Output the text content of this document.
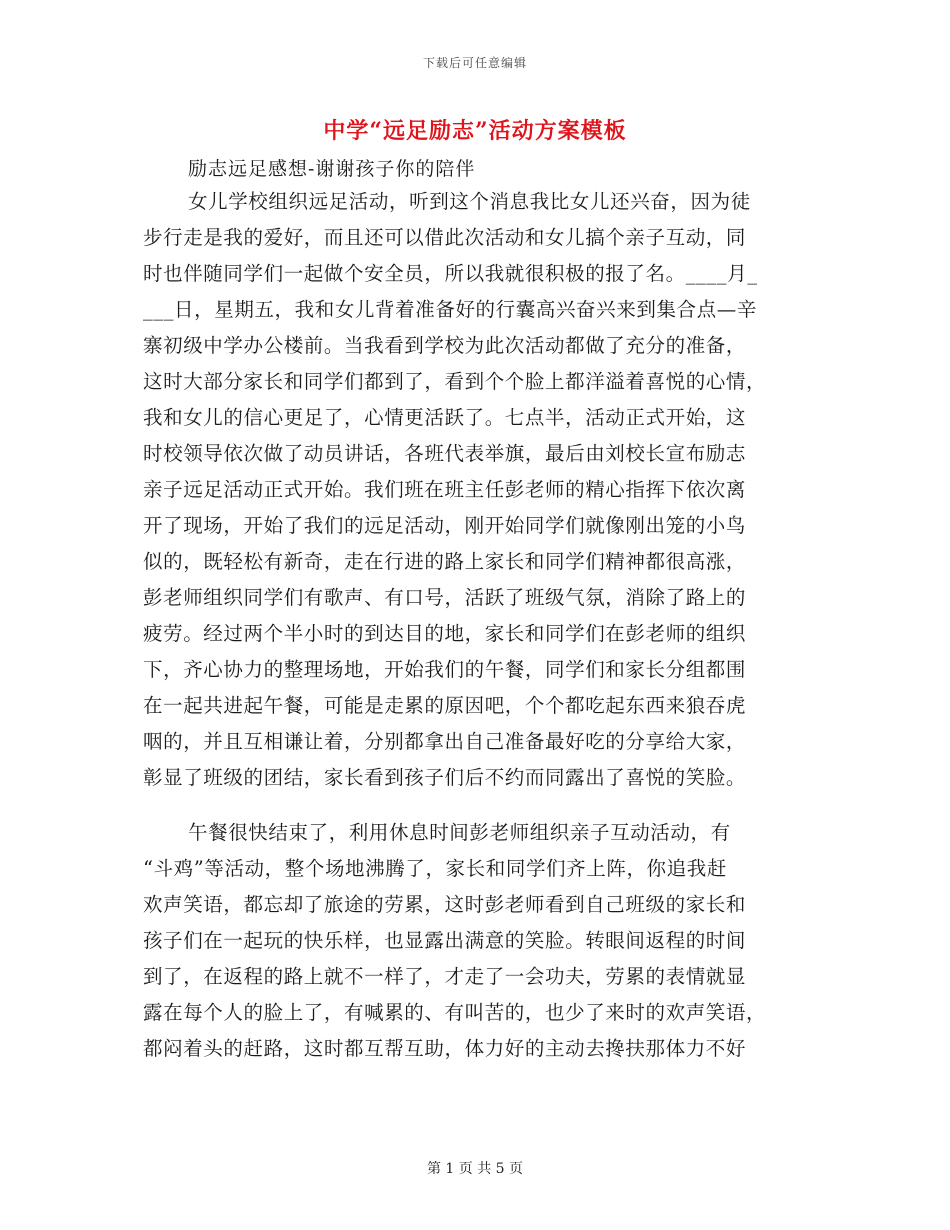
下载后可任意编辑
中学“远足励志”活动方案模板
励志远足感想-谢谢孩子你的陪伴
女儿学校组织远足活动，听到这个消息我比女儿还兴奋，因为徒
步行走是我的爱好，而且还可以借此次活动和女儿搞个亲子互动，同
时也伴随同学们一起做个安全员，所以我就很积极的报了名。____月_
___日，星期五，我和女儿背着准备好的行囊高兴奋兴来到集合点—辛
寨初级中学办公楼前。当我看到学校为此次活动都做了充分的准备，
这时大部分家长和同学们都到了，看到个个脸上都洋溢着喜悦的心情，
我和女儿的信心更足了，心情更活跃了。七点半，活动正式开始，这
时校领导依次做了动员讲话，各班代表举旗，最后由刘校长宣布励志
亲子远足活动正式开始。我们班在班主任彭老师的精心指挥下依次离
开了现场，开始了我们的远足活动，刚开始同学们就像刚出笼的小鸟
似的，既轻松有新奇，走在行进的路上家长和同学们精神都很高涨，
彭老师组织同学们有歌声、有口号，活跃了班级气氛，消除了路上的
疲劳。经过两个半小时的到达目的地，家长和同学们在彭老师的组织
下，齐心协力的整理场地，开始我们的午餐，同学们和家长分组都围
在一起共进起午餐，可能是走累的原因吧，个个都吃起东西来狼吞虎
咽的，并且互相谦让着，分别都拿出自己准备最好吃的分享给大家，
彰显了班级的团结，家长看到孩子们后不约而同露出了喜悦的笑脸。
午餐很快结束了，利用休息时间彭老师组织亲子互动活动，有
“斗鸡”等活动，整个场地沸腾了，家长和同学们齐上阵，你追我赶
欢声笑语，都忘却了旅途的劳累，这时彭老师看到自己班级的家长和
孩子们在一起玩的快乐样，也显露出满意的笑脸。转眼间返程的时间
到了，在返程的路上就不一样了，才走了一会功夫，劳累的表情就显
露在每个人的脸上了，有喊累的、有叫苦的，也少了来时的欢声笑语，
都闷着头的赶路，这时都互帮互助，体力好的主动去搀扶那体力不好
第 1 页 共 5 页
